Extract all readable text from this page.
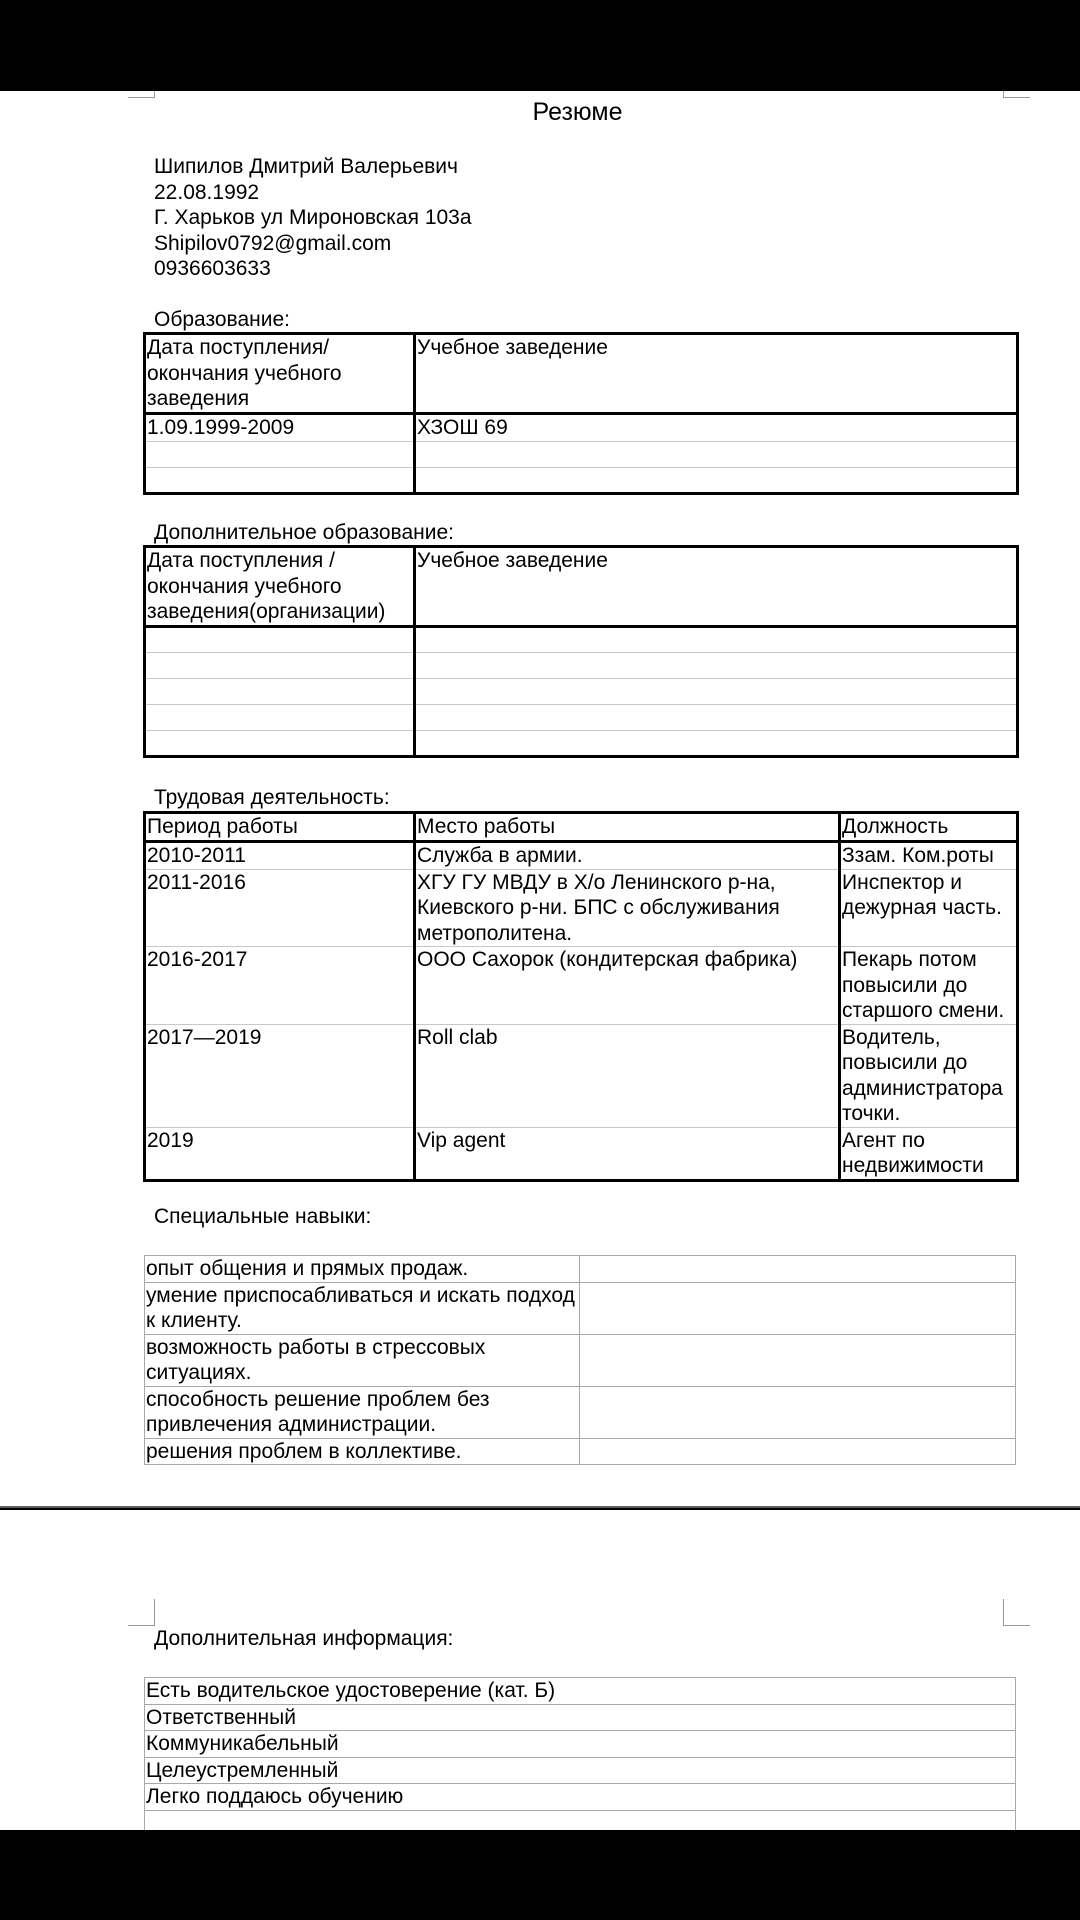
Резюме
Шипилов Дмитрий Валерьевич
22.08.1992
Г. Харьков ул Мироновская 103а
Shipilov0792@gmail.com
0936603633
Образование:
Дата поступления/окончания учебного заведения	Учебное заведение
1.09.1999-2009	ХЗОШ 69

Дополнительное образование:
Дата поступления / окончания учебного заведения(организации)	Учебное заведение

Трудовая деятельность:
Период работы	Место работы	Должность
2010-2011	Служба в армии.	Ззам. Ком.роты
2011-2016	ХГУ ГУ МВДУ в Х/о Ленинского р-на, Киевского р-ни. БПС с обслуживания метрополитена.	Инспектор и дежурная часть.
2016-2017	ООО Сахорок (кондитерская фабрика)	Пекарь потом повысили до старшого смени.
2017—2019	Roll clab	Водитель, повысили до администратора точки.
2019	Vip agent	Агент по недвижимости
Специальные навыки:
опыт общения и прямых продаж.	
умение приспосабливаться и искать подход к клиенту.	
возможность работы в стрессовых ситуациях.	
способность решение проблем без привлечения администрации.	
решения проблем в коллективе.	
Дополнительная информация:
Есть водительское удостоверение (кат. Б)
Ответственный
Коммуникабельный
Целеустремленный
Легко поддаюсь обучению
